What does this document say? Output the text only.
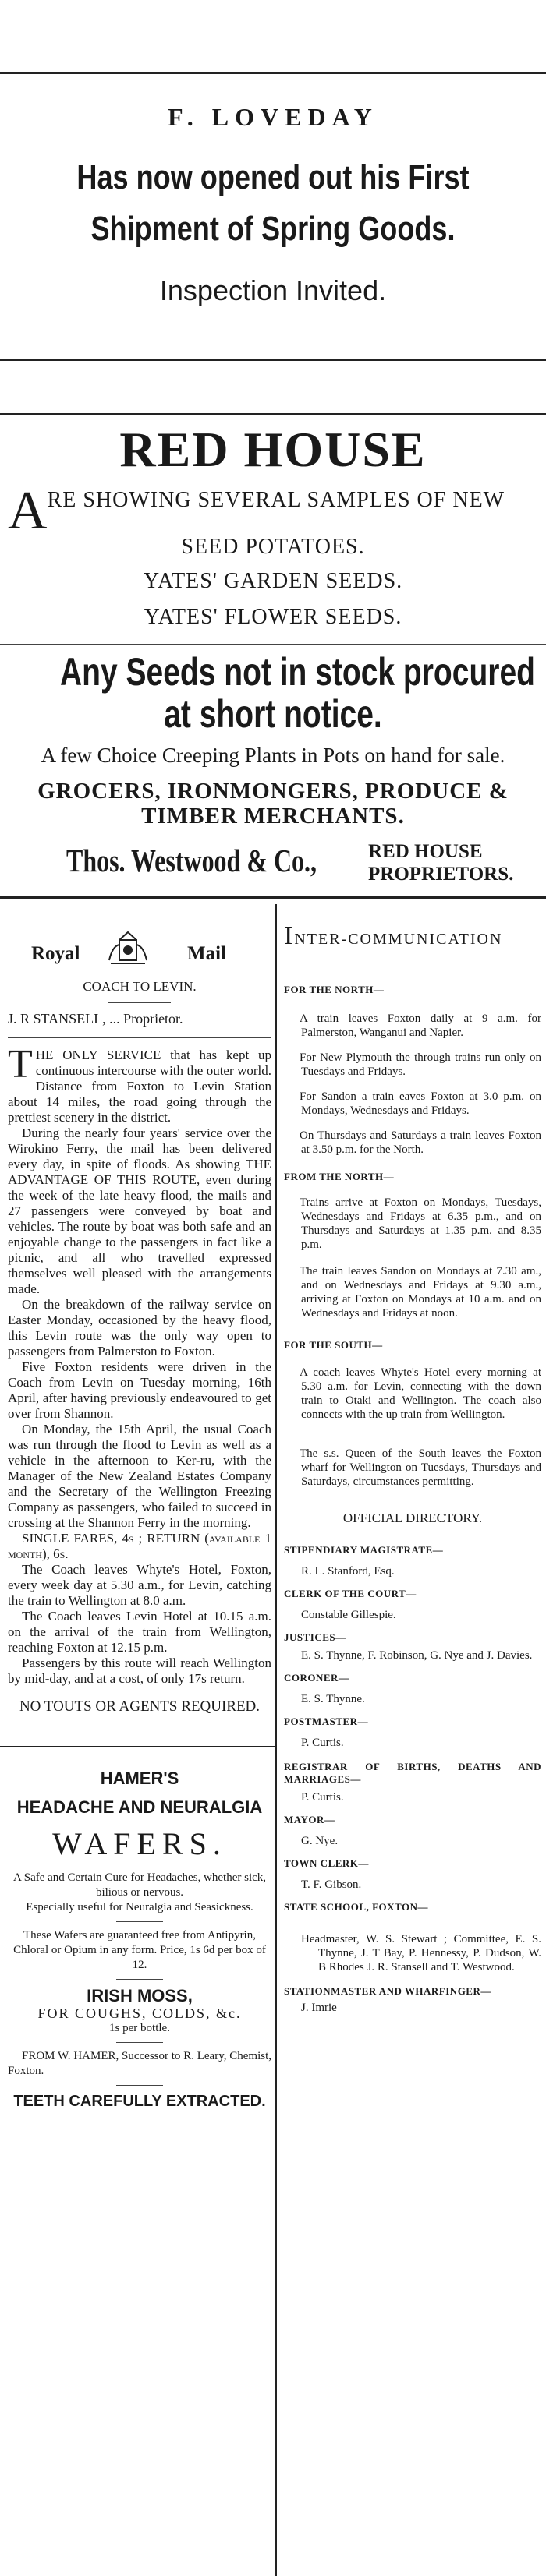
F. LOVEDAY
Has now opened out his First
Shipment of Spring Goods.
Inspection Invited.
RED HOUSE
ARE SHOWING SEVERAL SAMPLES OF NEW
SEED POTATOES.
YATES' GARDEN SEEDS.
YATES' FLOWER SEEDS.
Any Seeds not in stock procured
at short notice.
A few Choice Creeping Plants in Pots on hand for sale.
GROCERS, IRONMONGERS, PRODUCE &
TIMBER MERCHANTS.
Thos. Westwood & Co.,	RED HOUSE
PROPRIETORS.
Royal	Mail
COACH TO LEVIN.
J. R STANSELL, ... Proprietor.
THE ONLY SERVICE that has kept up continuous intercourse with the outer world. Distance from Foxton to Levin Station about 14 miles, the road going through the prettiest scenery in the district.
During the nearly four years' service over the Wirokino Ferry, the mail has been delivered every day, in spite of floods. As showing THE ADVANTAGE OF THIS ROUTE, even during the week of the late heavy flood, the mails and 27 passengers were conveyed by boat and vehicles. The route by boat was both safe and an enjoyable change to the passengers in fact like a picnic, and all who travelled expressed themselves well pleased with the arrangements made.
On the breakdown of the railway service on Easter Monday, occasioned by the heavy flood, this Levin route was the only way open to passengers from Palmerston to Foxton.
Five Foxton residents were driven in the Coach from Levin on Tuesday morning, 16th April, after having previously endeavoured to get over from Shannon.
On Monday, the 15th April, the usual Coach was run through the flood to Levin as well as a vehicle in the afternoon to Ker-ru, with the Manager of the New Zealand Estates Company and the Secretary of the Wellington Freezing Company as passengers, who failed to succeed in crossing at the Shannon Ferry in the morning.
SINGLE FARES, 4s ; RETURN (available 1 month), 6s.
The Coach leaves Whyte's Hotel, Foxton, every week day at 5.30 a.m., for Levin, catching the train to Wellington at 8.0 a.m.
The Coach leaves Levin Hotel at 10.15 a.m. on the arrival of the train from Wellington, reaching Foxton at 12.15 p.m.
Passengers by this route will reach Wellington by mid-day, and at a cost, of only 17s return.
NO TOUTS OR AGENTS REQUIRED.
HAMER'S
HEADACHE AND NEURALGIA
WAFERS.
A Safe and Certain Cure for Headaches, whether sick, bilious or nervous.
Especially useful for Neuralgia and Seasickness.
These Wafers are guaranteed free from Antipyrin, Chloral or Opium in any form. Price, 1s 6d per box of 12.
IRISH MOSS,
FOR COUGHS, COLDS, &c.
1s per bottle.
FROM W. HAMER, Successor to R. Leary, Chemist, Foxton.
TEETH CAREFULLY EXTRACTED.
INTER-COMMUNICATION
FOR THE NORTH—
A train leaves Foxton daily at 9 a.m. for Palmerston, Wanganui and Napier.
For New Plymouth the through trains run only on Tuesdays and Fridays.
For Sandon a train eaves Foxton at 3.0 p.m. on Mondays, Wednesdays and Fridays.
On Thursdays and Saturdays a train leaves Foxton at 3.50 p.m. for the North.
FROM THE NORTH—
Trains arrive at Foxton on Mondays, Tuesdays, Wednesdays and Fridays at 6.35 p.m., and on Thursdays and Saturdays at 1.35 p.m. and 8.35 p.m.
The train leaves Sandon on Mondays at 7.30 am., and on Wednesdays and Fridays at 9.30 a.m., arriving at Foxton on Mondays at 10 a.m. and on Wednesdays and Fridays at noon.
FOR THE SOUTH—
A coach leaves Whyte's Hotel every morning at 5.30 a.m. for Levin, connecting with the down train to Otaki and Wellington. The coach also connects with the up train from Wellington.
The s.s. Queen of the South leaves the Foxton wharf for Wellington on Tuesdays, Thursdays and Saturdays, circumstances permitting.
OFFICIAL DIRECTORY.
STIPENDIARY MAGISTRATE—
R. L. Stanford, Esq.
CLERK OF THE COURT—
Constable Gillespie.
JUSTICES—
E. S. Thynne, F. Robinson, G. Nye and J. Davies.
CORONER—
E. S. Thynne.
POSTMASTER—
P. Curtis.
REGISTRAR OF BIRTHS, DEATHS AND MARRIAGES—
P. Curtis.
MAYOR—
G. Nye.
TOWN CLERK—
T. F. Gibson.
STATE SCHOOL, FOXTON—
Headmaster, W. S. Stewart ; Committee, E. S. Thynne, J. T Bay, P. Hennessy, P. Dudson, W. B Rhodes J. R. Stansell and T. Westwood.
STATIONMASTER AND WHARFINGER—
J. Imrie
